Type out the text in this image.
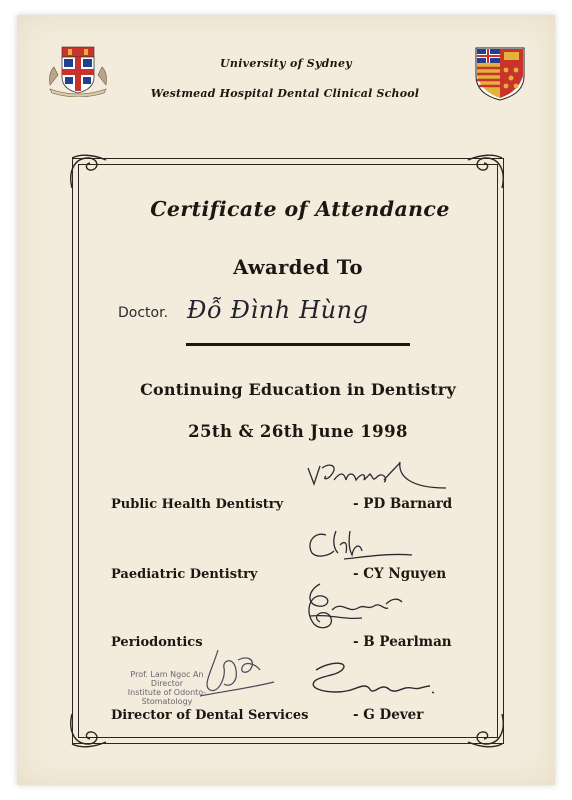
University of Sydney
Westmead Hospital Dental Clinical School
Certificate of Attendance
Awarded To
Doctor. Đỗ Đình Hùng
Continuing Education in Dentistry
25th & 26th June 1998
Prof. Lam Ngoc An
Director
Institute of Odonto-
Stomatology
Public Health Dentistry	- PD Barnard
Paediatric Dentistry	- CY Nguyen
Periodontics	- B Pearlman
Director of Dental Services	- G Dever
